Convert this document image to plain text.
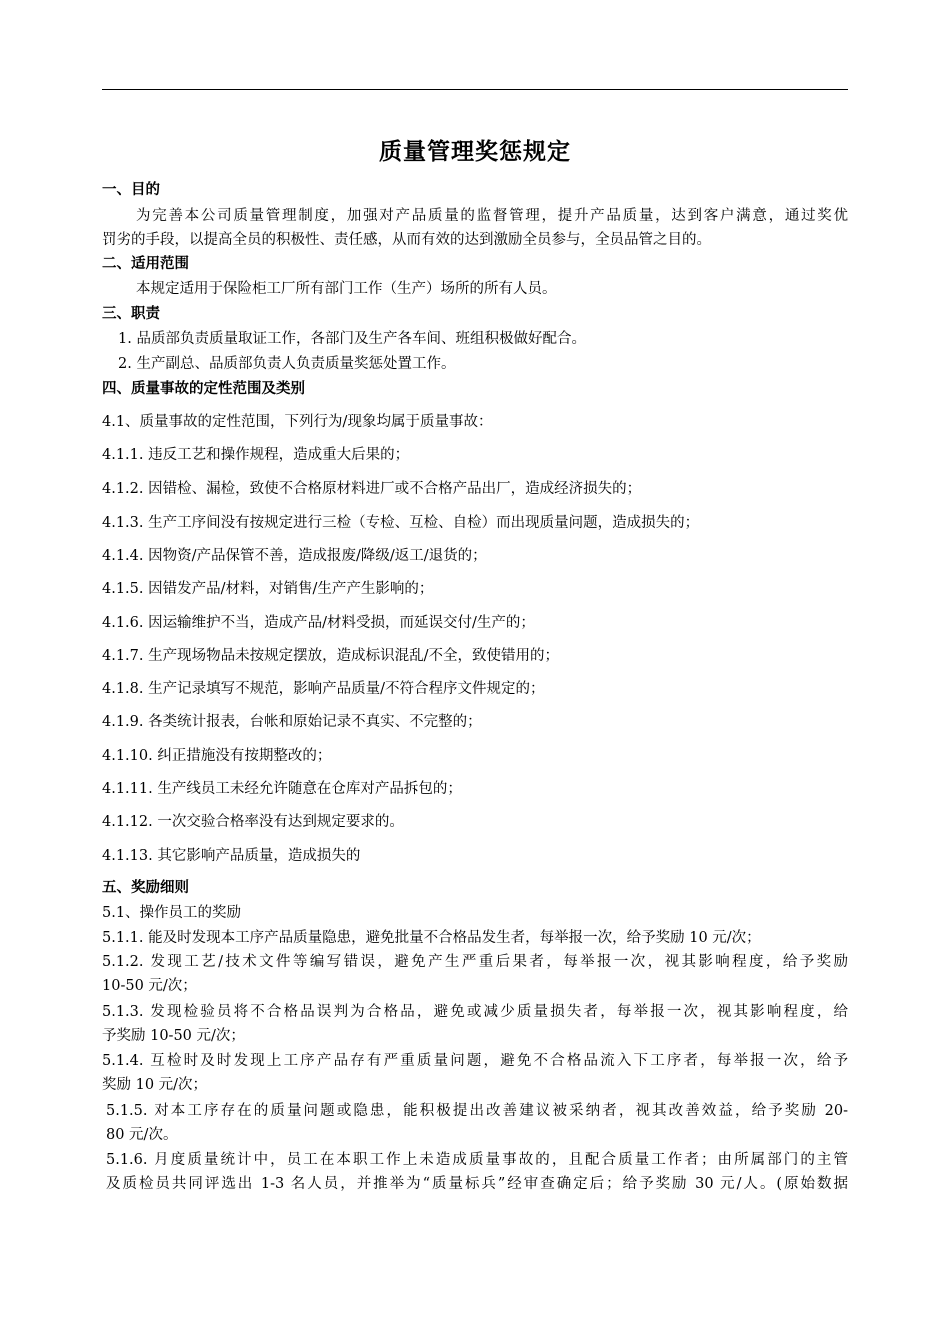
质量管理奖惩规定
一、目的
为完善本公司质量管理制度，加强对产品质量的监督管理，提升产品质量，达到客户满意，通过奖优
罚劣的手段，以提高全员的积极性、责任感，从而有效的达到激励全员参与，全员品管之目的。
二、适用范围
本规定适用于保险柜工厂所有部门工作（生产）场所的所有人员。
三、职责
1. 品质部负责质量取证工作，各部门及生产各车间、班组积极做好配合。
2. 生产副总、品质部负责人负责质量奖惩处置工作。
四、质量事故的定性范围及类别
4.1、质量事故的定性范围，下列行为/现象均属于质量事故：
4.1.1. 违反工艺和操作规程，造成重大后果的；
4.1.2. 因错检、漏检，致使不合格原材料进厂或不合格产品出厂，造成经济损失的；
4.1.3. 生产工序间没有按规定进行三检（专检、互检、自检）而出现质量问题，造成损失的；
4.1.4. 因物资/产品保管不善，造成报废/降级/返工/退货的；
4.1.5. 因错发产品/材料，对销售/生产产生影响的；
4.1.6. 因运输维护不当，造成产品/材料受损，而延误交付/生产的；
4.1.7. 生产现场物品未按规定摆放，造成标识混乱/不全，致使错用的；
4.1.8. 生产记录填写不规范，影响产品质量/不符合程序文件规定的；
4.1.9. 各类统计报表，台帐和原始记录不真实、不完整的；
4.1.10. 纠正措施没有按期整改的；
4.1.11. 生产线员工未经允许随意在仓库对产品拆包的；
4.1.12. 一次交验合格率没有达到规定要求的。
4.1.13. 其它影响产品质量，造成损失的
五、奖励细则
5.1、操作员工的奖励
5.1.1. 能及时发现本工序产品质量隐患，避免批量不合格品发生者，每举报一次，给予奖励 10 元/次；
5.1.2. 发现工艺/技术文件等编写错误，避免产生严重后果者，每举报一次，视其影响程度，给予奖励
10-50 元/次；
5.1.3. 发现检验员将不合格品误判为合格品，避免或减少质量损失者，每举报一次，视其影响程度，给
予奖励 10-50 元/次；
5.1.4. 互检时及时发现上工序产品存有严重质量问题，避免不合格品流入下工序者，每举报一次，给予
奖励 10 元/次；
5.1.5. 对本工序存在的质量问题或隐患，能积极提出改善建议被采纳者，视其改善效益，给予奖励 20-
80 元/次。
5.1.6. 月度质量统计中，员工在本职工作上未造成质量事故的，且配合质量工作者；由所属部门的主管
及质检员共同评选出 1-3 名人员，并推举为“质量标兵”经审查确定后；给予奖励 30 元/人。(原始数据
